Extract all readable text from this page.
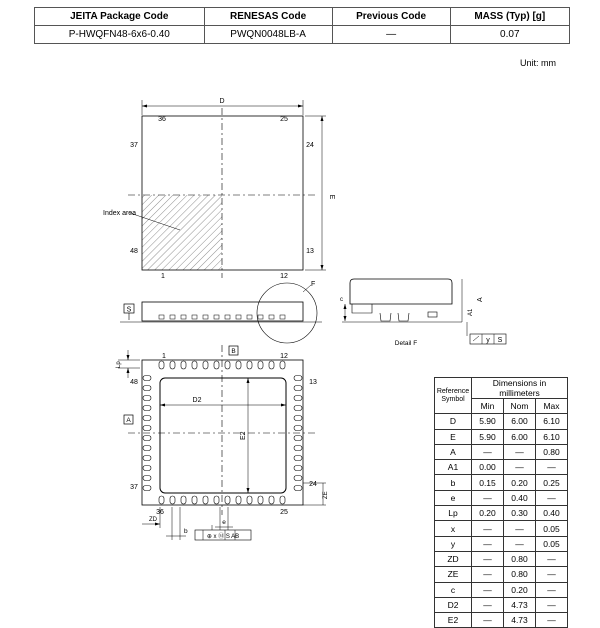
JEITA Package Code	RENESAS Code	Previous Code	MASS (Typ) [g]
P-HWQFN48-6x6-0.40	PWQN0048LB-A	—	0.07
Unit: mm
D
E
36	25
37	24
48	13
1	12
Index area
S
F
c
A1
A
y S
Detail F
B
A
1	12
13
24
25
36
37
48
Lp
D2
E2
ZE
ZD
b
e
⊕ x Ⓜ S AB
Reference Symbol	Dimensions in millimeters		
	Min	Nom	Max
D	5.90	6.00	6.10
E	5.90	6.00	6.10
A	—	—	0.80
A1	0.00	—	—
b	0.15	0.20	0.25
e	—	0.40	—
Lp	0.20	0.30	0.40
x	—	—	0.05
y	—	—	0.05
ZD	—	0.80	—
ZE	—	0.80	—
c	—	0.20	—
D2	—	4.73	—
E2	—	4.73	—
